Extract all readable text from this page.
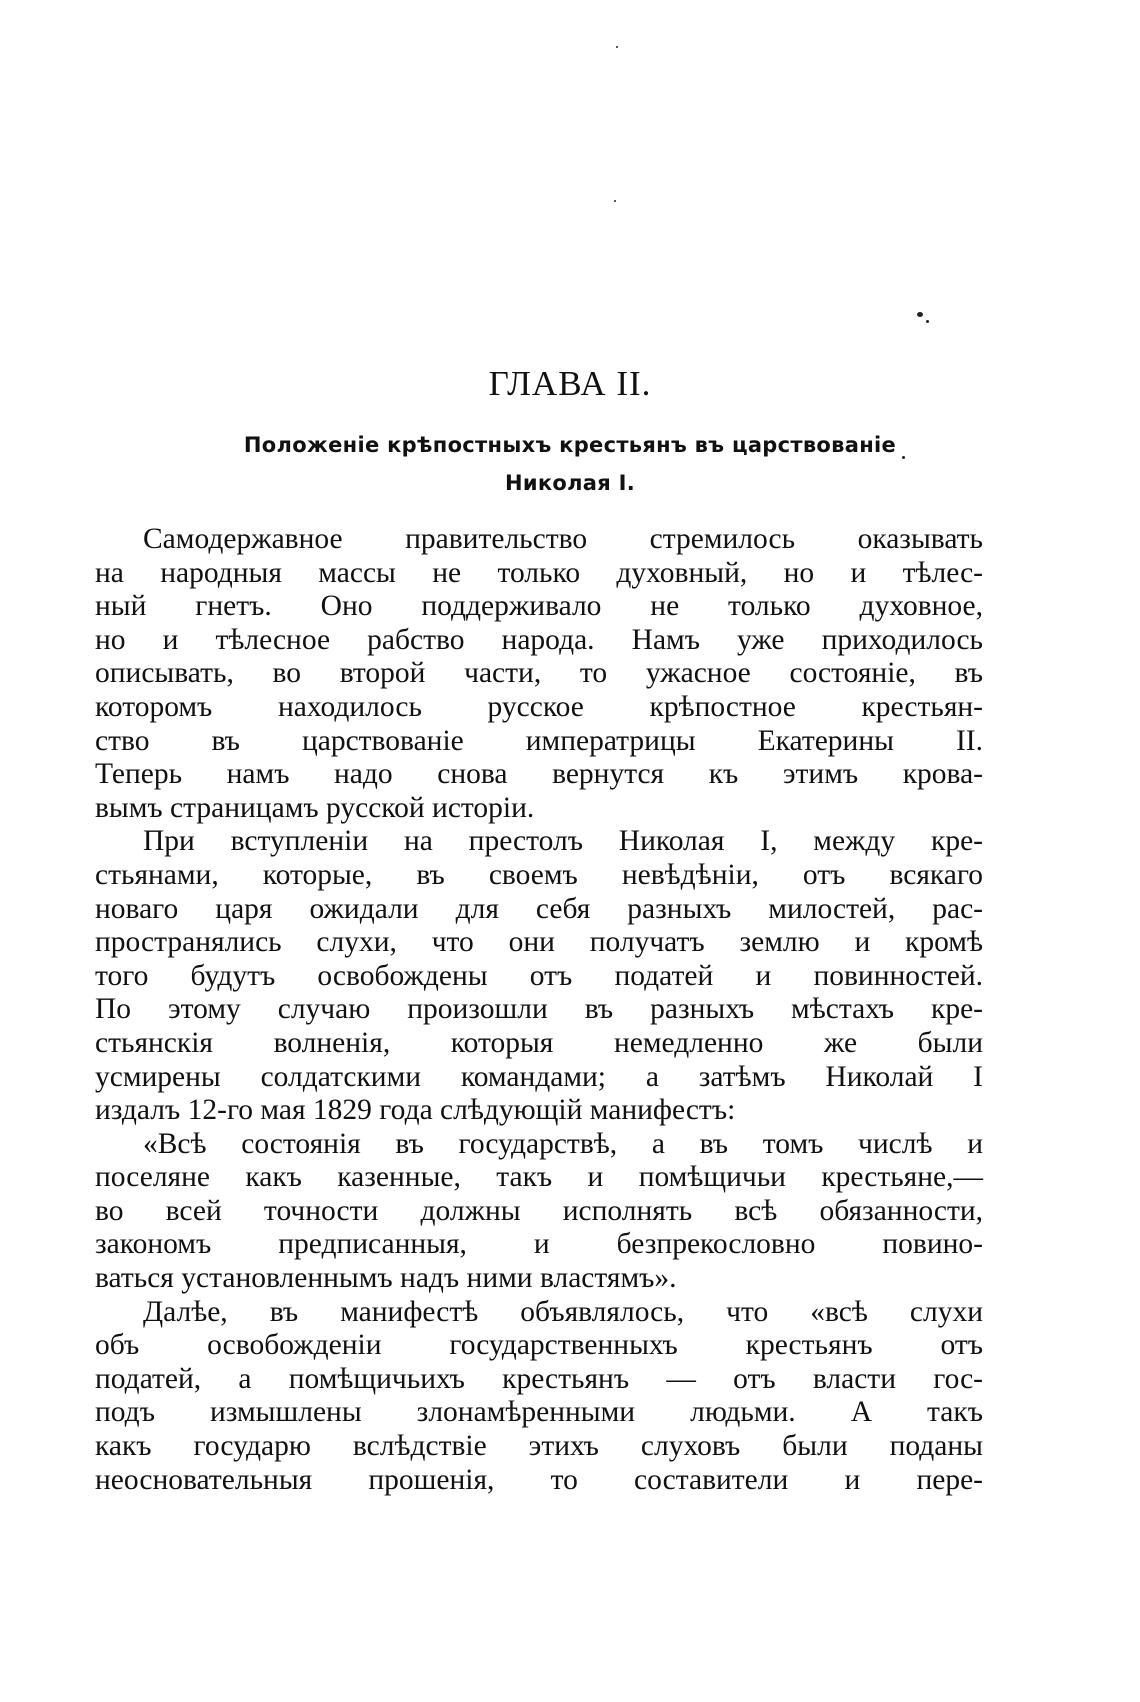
ГЛАВА II.
Положеніе крѣпостныхъ крестьянъ въ царствованіе
Николая I.
Самодержавное правительство стремилось оказывать
на народныя массы не только духовный, но и тѣлес-
ный гнетъ. Оно поддерживало не только духовное,
но и тѣлесное рабство народа. Намъ уже приходилось
описывать, во второй части, то ужасное состояніе, въ
которомъ находилось русское крѣпостное крестьян-
ство въ царствованіе императрицы Екатерины II.
Теперь намъ надо снова вернутся къ этимъ крова-
вымъ страницамъ русской исторіи.
При вступленіи на престолъ Николая I, между кре-
стьянами, которые, въ своемъ невѣдѣніи, отъ всякаго
новаго царя ожидали для себя разныхъ милостей, рас-
пространялись слухи, что они получатъ землю и кромѣ
того будутъ освобождены отъ податей и повинностей.
По этому случаю произошли въ разныхъ мѣстахъ кре-
стьянскія волненія, которыя немедленно же были
усмирены солдатскими командами; а затѣмъ Николай I
издалъ 12-го мая 1829 года слѣдующій манифестъ:
«Всѣ состоянія въ государствѣ, а въ томъ числѣ и
поселяне какъ казенные, такъ и помѣщичьи крестьяне,—
во всей точности должны исполнять всѣ обязанности,
закономъ предписанныя, и безпрекословно повино-
ваться установленнымъ надъ ними властямъ».
Далѣе, въ манифестѣ объявлялось, что «всѣ слухи
объ освобожденіи государственныхъ крестьянъ отъ
податей, а помѣщичьихъ крестьянъ — отъ власти гос-
подъ измышлены злонамѣренными людьми. А такъ
какъ государю вслѣдствіе этихъ слуховъ были поданы
неосновательныя прошенія, то составители и пере-
